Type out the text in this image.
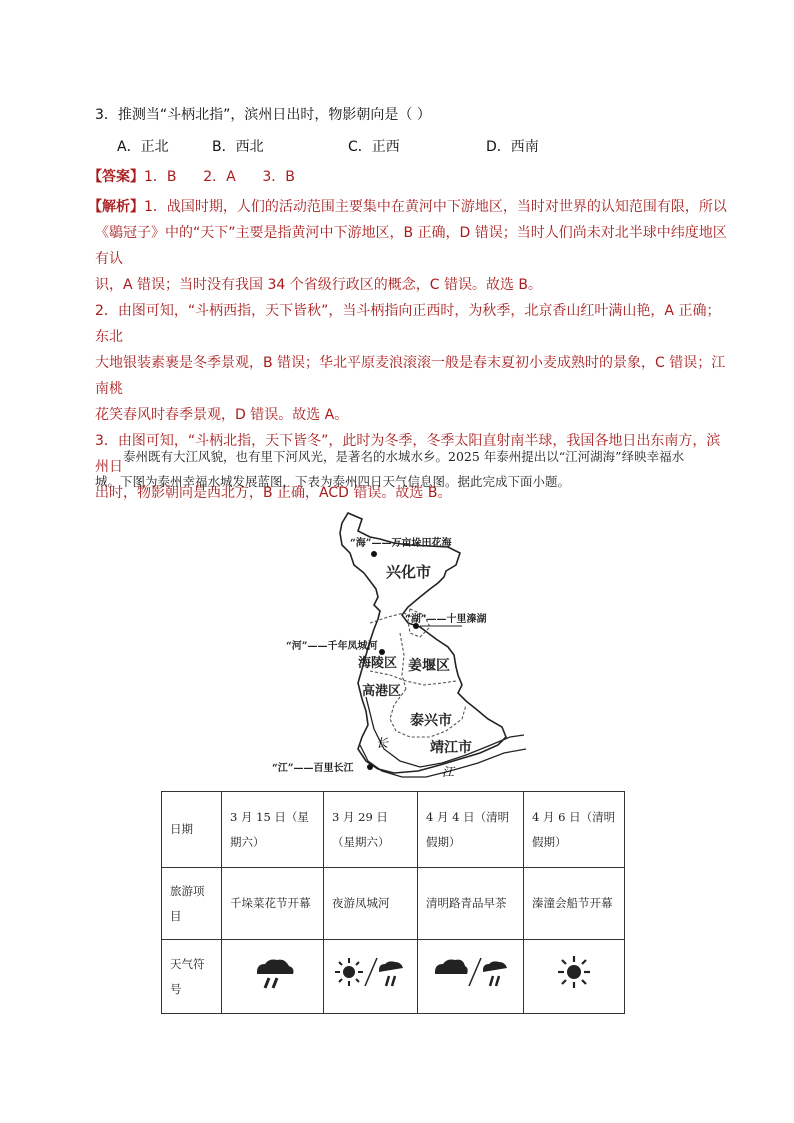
3．推测当“斗柄北指”，滨州日出时，物影朝向是（ ）
A．正北	B．西北	C．正西	D．西南
【答案】1．B      2．A      3．B
【解析】1．战国时期，人们的活动范围主要集中在黄河中下游地区，当时对世界的认知范围有限，所以
《鶡冠子》中的“天下”主要是指黄河中下游地区，B 正确，D 错误；当时人们尚未对北半球中纬度地区有认
识，A 错误；当时没有我国 34 个省级行政区的概念，C 错误。故选 B。
2．由图可知，“斗柄西指，天下皆秋”，当斗柄指向正西时，为秋季，北京香山红叶满山艳，A 正确；东北
大地银装素裹是冬季景观，B 错误；华北平原麦浪滚滚一般是春末夏初小麦成熟时的景象，C 错误；江南桃
花笑春风时春季景观，D 错误。故选 A。
3．由图可知，“斗柄北指，天下皆冬”，此时为冬季，冬季太阳直射南半球，我国各地日出东南方，滨州日
出时，物影朝向是西北方，B 正确，ACD 错误。故选 B。
泰州既有大江风貌，也有里下河风光，是著名的水城水乡。2025 年泰州提出以“江河湖海”绎映幸福水
城。下图为泰州幸福水城发展蓝图，下表为泰州四日天气信息图。据此完成下面小题。
“海”——万亩垛田花海
“湖”——十里溱湖
“河”——千年凤城河
“江”——百里长江
兴化市
海陵区 姜堰区
高港区
泰兴市
靖江市
长
江
日期	3 月 15 日（星期六）	3 月 29 日（星期六）	4 月 4 日（清明假期）	4 月 6 日（清明假期）
旅游项目	千垛菜花节开幕	夜游凤城河	清明路青品早茶	溱潼会船节开幕
天气符号				
